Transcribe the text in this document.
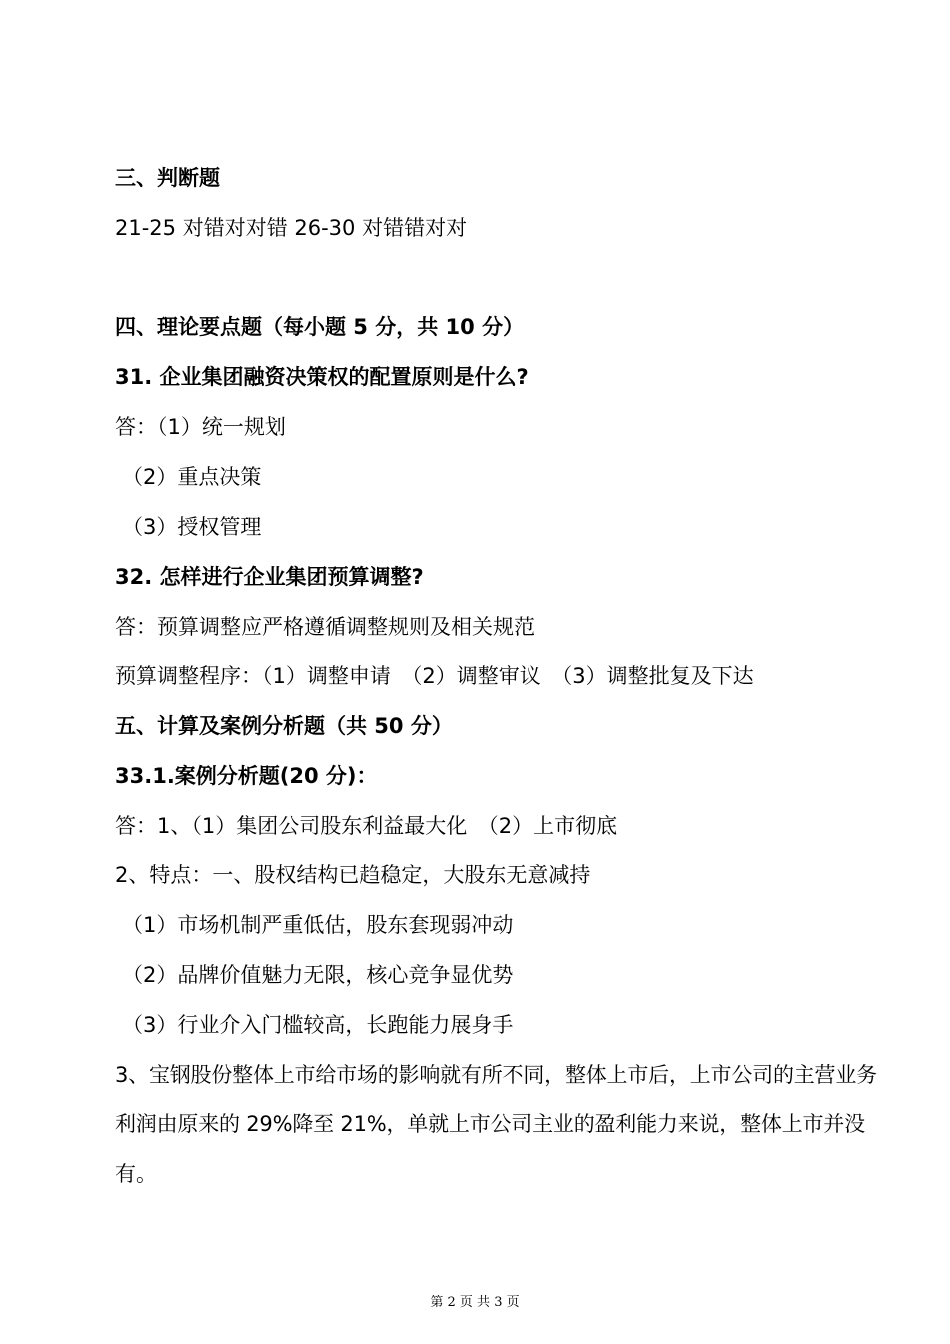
三、判断题
21-25 对错对对错 26-30 对错错对对
四、理论要点题（每小题 5 分，共 10 分）
31. 企业集团融资决策权的配置原则是什么?
答：（1）统一规划
（2）重点决策
（3）授权管理
32. 怎样进行企业集团预算调整?
答：预算调整应严格遵循调整规则及相关规范
预算调整程序：（1）调整申请　（2）调整审议　（3）调整批复及下达
五、计算及案例分析题（共 50 分）
33.1.案例分析题(20 分)：
答：1、（1）集团公司股东利益最大化　（2）上市彻底
2、特点：一、股权结构已趋稳定，大股东无意减持
（1）市场机制严重低估，股东套现弱冲动
（2）品牌价值魅力无限，核心竞争显优势
（3）行业介入门槛较高，长跑能力展身手
3、宝钢股份整体上市给市场的影响就有所不同，整体上市后，上市公司的主营业务
利润由原来的 29%降至 21%，单就上市公司主业的盈利能力来说，整体上市并没
有。
第 2 页 共 3 页
